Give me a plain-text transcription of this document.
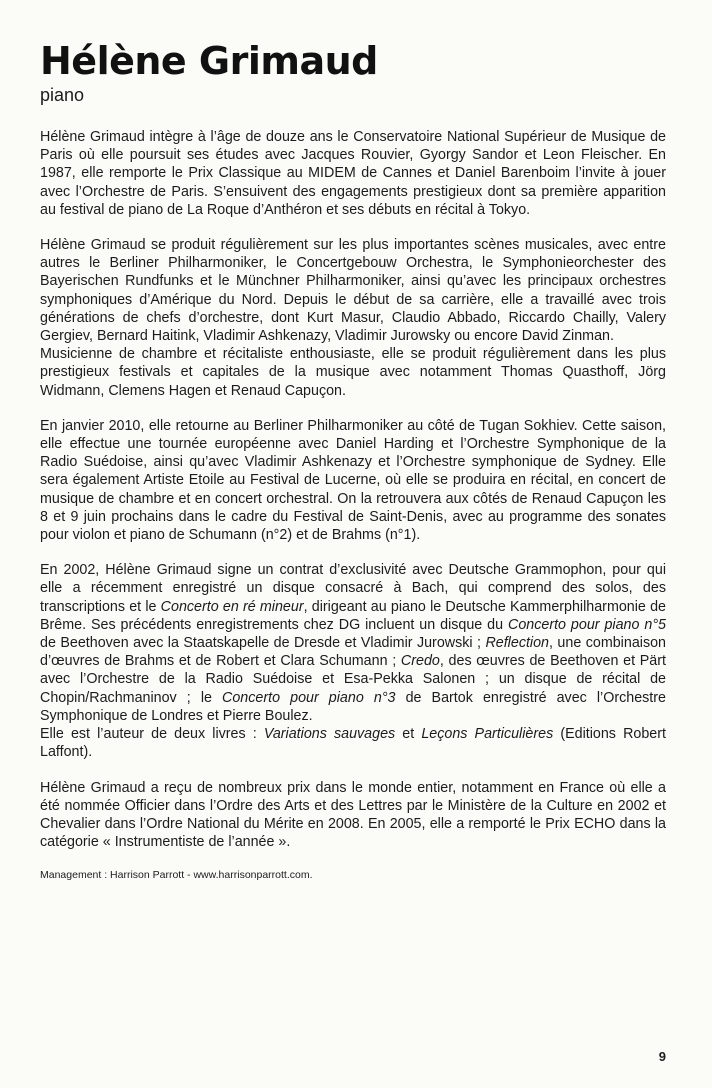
Hélène Grimaud

piano

Hélène Grimaud intègre à l’âge de douze ans le Conservatoire National Supérieur de Musique de Paris où elle poursuit ses études avec Jacques Rouvier, Gyorgy Sandor et Leon Fleischer. En 1987, elle remporte le Prix Classique au MIDEM de Cannes et Daniel Barenboim l’invite à jouer avec l’Orchestre de Paris. S’ensuivent des engagements prestigieux dont sa première apparition au festival de piano de La Roque d’Anthéron et ses débuts en récital à Tokyo.

Hélène Grimaud se produit régulièrement sur les plus importantes scènes musicales, avec entre autres le Berliner Philharmoniker, le Concertgebouw Orchestra, le Symphonieorchester des Bayerischen Rundfunks et le Münchner Philharmoniker, ainsi qu’avec les principaux orchestres symphoniques d’Amérique du Nord. Depuis le début de sa carrière, elle a travaillé avec trois générations de chefs d’orchestre, dont Kurt Masur, Claudio Abbado, Riccardo Chailly, Valery Gergiev, Bernard Haitink, Vladimir Ashkenazy, Vladimir Jurowsky ou encore David Zinman.

Musicienne de chambre et récitaliste enthousiaste, elle se produit régulièrement dans les plus prestigieux festivals et capitales de la musique avec notamment Thomas Quasthoff, Jörg Widmann, Clemens Hagen et Renaud Capuçon.

En janvier 2010, elle retourne au Berliner Philharmoniker au côté de Tugan Sokhiev. Cette saison, elle effectue une tournée européenne avec Daniel Harding et l’Orchestre Symphonique de la Radio Suédoise, ainsi qu’avec Vladimir Ashkenazy et l’Orchestre symphonique de Sydney. Elle sera également Artiste Etoile au Festival de Lucerne, où elle se produira en récital, en concert de musique de chambre et en concert orchestral. On la retrouvera aux côtés de Renaud Capuçon les 8 et 9 juin prochains dans le cadre du Festival de Saint-Denis, avec au programme des sonates pour violon et piano de Schumann (n°2) et de Brahms (n°1).

En 2002, Hélène Grimaud signe un contrat d’exclusivité avec Deutsche Grammophon, pour qui elle a récemment enregistré un disque consacré à Bach, qui comprend des solos, des transcriptions et le Concerto en ré mineur, dirigeant au piano le Deutsche Kammerphilharmonie de Brême. Ses précédents enregistrements chez DG incluent un disque du Concerto pour piano n°5 de Beethoven avec la Staatskapelle de Dresde et Vladimir Jurowski ; Reflection, une combinaison d’œuvres de Brahms et de Robert et Clara Schumann ; Credo, des œuvres de Beethoven et Pärt avec l’Orchestre de la Radio Suédoise et Esa-Pekka Salonen ; un disque de récital de Chopin/Rachmaninov ; le Concerto pour piano n°3 de Bartok enregistré avec l’Orchestre Symphonique de Londres et Pierre Boulez.

Elle est l’auteur de deux livres : Variations sauvages et Leçons Particulières (Editions Robert Laffont).

Hélène Grimaud a reçu de nombreux prix dans le monde entier, notamment en France où elle a été nommée Officier dans l’Ordre des Arts et des Lettres par le Ministère de la Culture en 2002 et Chevalier dans l’Ordre National du Mérite en 2008. En 2005, elle a remporté le Prix ECHO dans la catégorie « Instrumentiste de l’année ».

Management : Harrison Parrott - www.harrisonparrott.com.
9
